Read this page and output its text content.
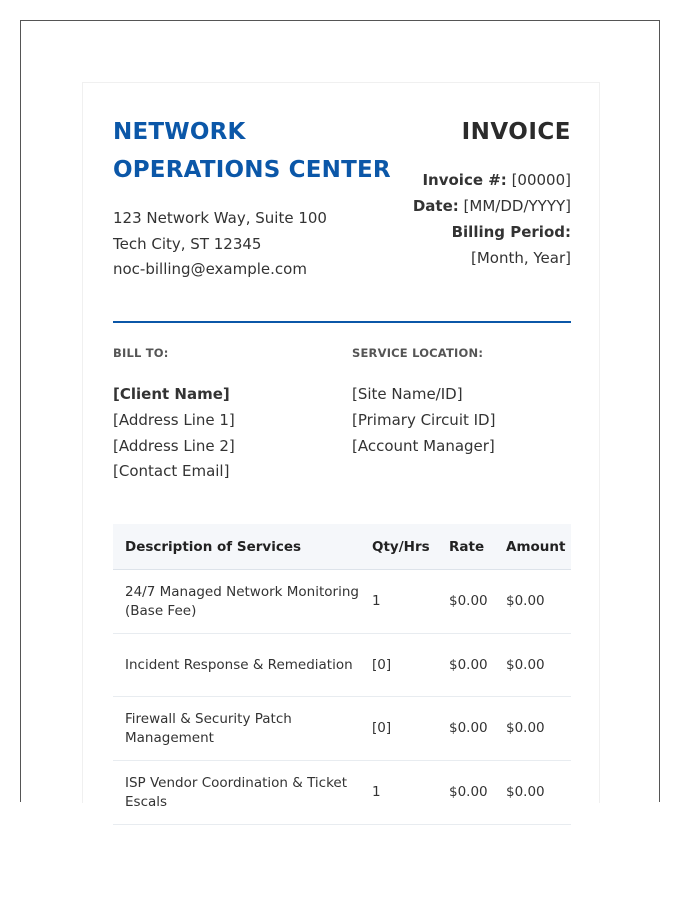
NETWORK OPERATIONS CENTER
123 Network Way, Suite 100
Tech City, ST 12345
noc-billing@example.com
INVOICE
Invoice #: [00000]
Date: [MM/DD/YYYY]
Billing Period:
[Month, Year]
BILL TO:
[Client Name]
[Address Line 1]
[Address Line 2]
[Contact Email]
SERVICE LOCATION:
[Site Name/ID]
[Primary Circuit ID]
[Account Manager]
Description of Services	Qty/Hrs	Rate	Amount
24/7 Managed Network Monitoring (Base Fee)	1	$0.00	$0.00
Incident Response & Remediation	[0]	$0.00	$0.00
Firewall & Security Patch Management	[0]	$0.00	$0.00
ISP Vendor Coordination & Ticket Escals	1	$0.00	$0.00
